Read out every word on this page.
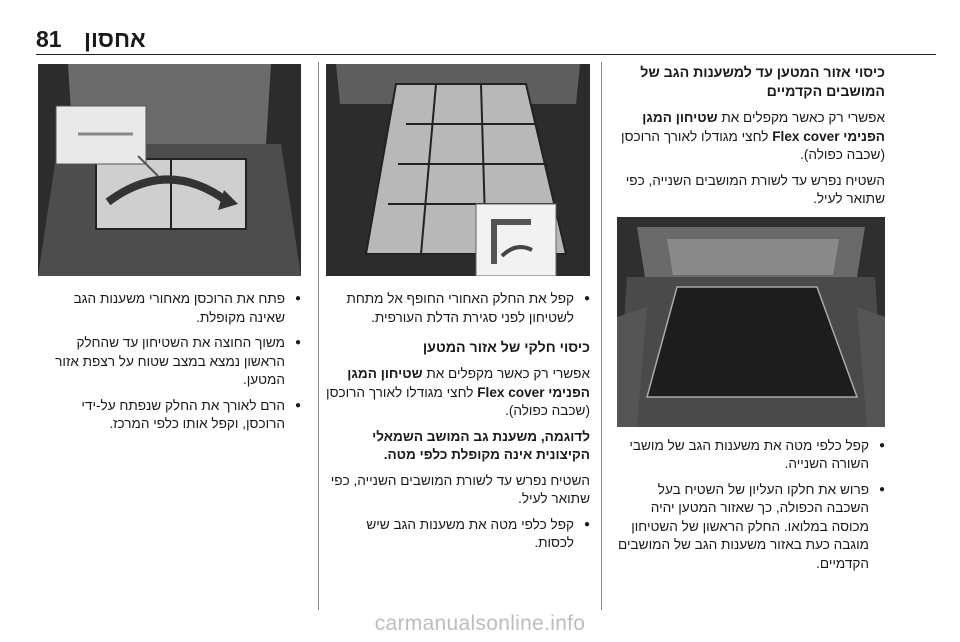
81 אחסון

כיסוי אזור המטען עד למשענות הגב של המושבים הקדמיים

אפשרי רק כאשר מקפלים את שטיחון המגן הפנימי Flex cover לחצי מגודלו לאורך הרוכסן (שכבה כפולה).

השטיח נפרש עד לשורת המושבים השנייה, כפי שתואר לעיל.

● קפל כלפי מטה את משענות הגב של מושבי השורה השנייה.
● פרוש את חלקו העליון של השטיח בעל השכבה הכפולה, כך שאזור המטען יהיה מכוסה במלואו. החלק הראשון של השטיחון מוגבה כעת באזור משענות הגב של המושבים הקדמיים.
● קפל את החלק האחורי החופף אל מתחת לשטיחון לפני סגירת הדלת העורפית.

כיסוי חלקי של אזור המטען

אפשרי רק כאשר מקפלים את שטיחון המגן הפנימי Flex cover לחצי מגודלו לאורך הרוכסן (שכבה כפולה).

לדוגמה, משענת גב המושב השמאלי הקיצונית אינה מקופלת כלפי מטה.

השטיח נפרש עד לשורת המושבים השנייה, כפי שתואר לעיל.

● קפל כלפי מטה את משענות הגב שיש לכסות.
● פתח את הרוכסן מאחורי משענות הגב שאינה מקופלת.
● משוך החוצה את השטיחון עד שהחלק הראשון נמצא במצב שטוח על רצפת אזור המטען.
● הרם לאורך את החלק שנפתח על-ידי הרוכסן, וקפל אותו כלפי המרכז.
carmanualsonline.info
